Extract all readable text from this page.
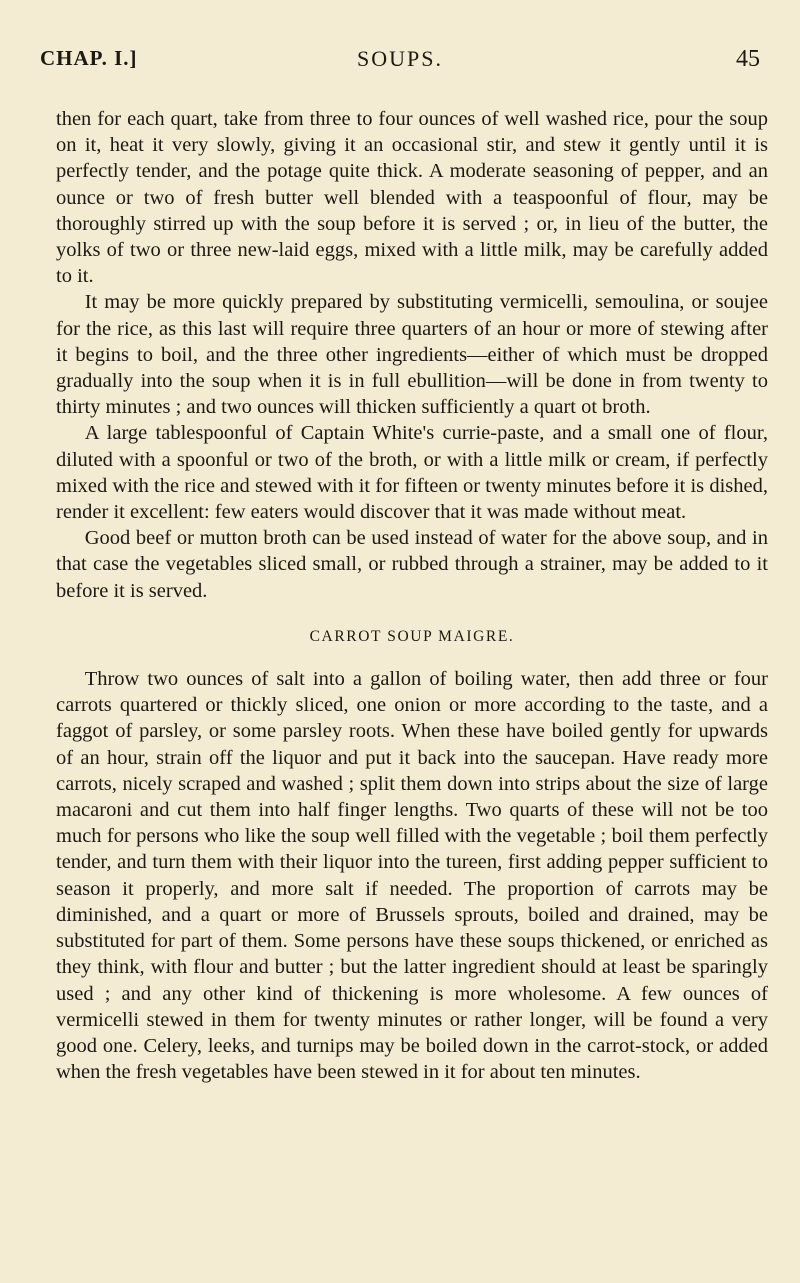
CHAP. I.]	SOUPS.	45

then for each quart, take from three to four ounces of well washed rice, pour the soup on it, heat it very slowly, giving it an occasional stir, and stew it gently until it is perfectly tender, and the potage quite thick. A moderate seasoning of pepper, and an ounce or two of fresh butter well blended with a teaspoonful of flour, may be thoroughly stirred up with the soup before it is served ; or, in lieu of the butter, the yolks of two or three new-laid eggs, mixed with a little milk, may be carefully added to it.

It may be more quickly prepared by substituting vermicelli, semoulina, or soujee for the rice, as this last will require three quarters of an hour or more of stewing after it begins to boil, and the three other ingredients—either of which must be dropped gradually into the soup when it is in full ebullition—will be done in from twenty to thirty minutes ; and two ounces will thicken sufficiently a quart ot broth.

A large tablespoonful of Captain White's currie-paste, and a small one of flour, diluted with a spoonful or two of the broth, or with a little milk or cream, if perfectly mixed with the rice and stewed with it for fifteen or twenty minutes before it is dished, render it excellent: few eaters would discover that it was made without meat.

Good beef or mutton broth can be used instead of water for the above soup, and in that case the vegetables sliced small, or rubbed through a strainer, may be added to it before it is served.

CARROT SOUP MAIGRE.

Throw two ounces of salt into a gallon of boiling water, then add three or four carrots quartered or thickly sliced, one onion or more according to the taste, and a faggot of parsley, or some parsley roots. When these have boiled gently for upwards of an hour, strain off the liquor and put it back into the saucepan. Have ready more carrots, nicely scraped and washed ; split them down into strips about the size of large macaroni and cut them into half finger lengths. Two quarts of these will not be too much for persons who like the soup well filled with the vegetable ; boil them perfectly tender, and turn them with their liquor into the tureen, first adding pepper sufficient to season it properly, and more salt if needed. The proportion of carrots may be diminished, and a quart or more of Brussels sprouts, boiled and drained, may be substituted for part of them. Some persons have these soups thickened, or enriched as they think, with flour and butter ; but the latter ingredient should at least be sparingly used ; and any other kind of thickening is more wholesome. A few ounces of vermicelli stewed in them for twenty minutes or rather longer, will be found a very good one. Celery, leeks, and turnips may be boiled down in the carrot-stock, or added when the fresh vegetables have been stewed in it for about ten minutes.
